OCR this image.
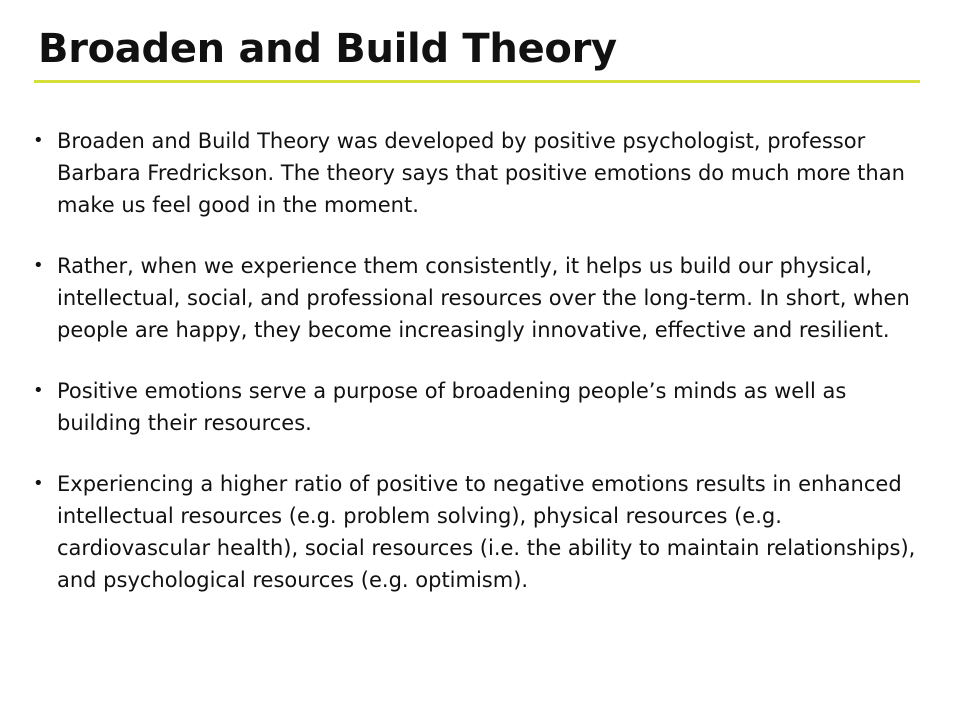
Broaden and Build Theory
• Broaden and Build Theory was developed by positive psychologist, professor Barbara Fredrickson. The theory says that positive emotions do much more than make us feel good in the moment.
• Rather, when we experience them consistently, it helps us build our physical, intellectual, social, and professional resources over the long-term. In short, when people are happy, they become increasingly innovative, effective and resilient.
• Positive emotions serve a purpose of broadening people’s minds as well as building their resources.
• Experiencing a higher ratio of positive to negative emotions results in enhanced intellectual resources (e.g. problem solving), physical resources (e.g. cardiovascular health), social resources (i.e. the ability to maintain relationships), and psychological resources (e.g. optimism).
